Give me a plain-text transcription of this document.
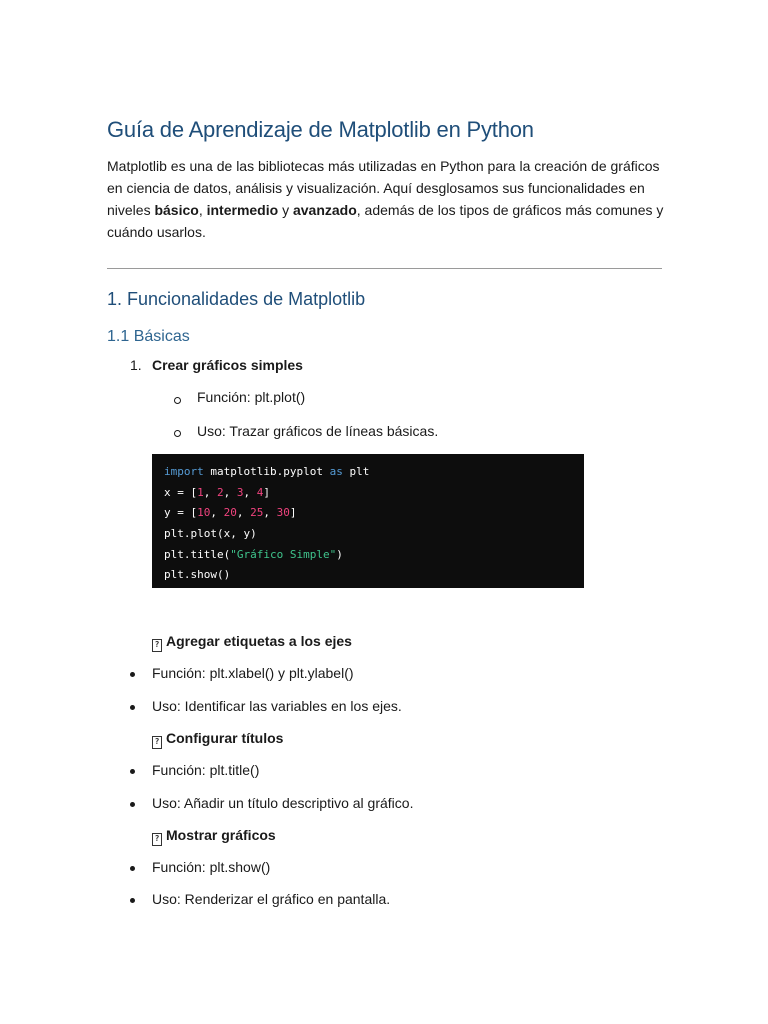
Guía de Aprendizaje de Matplotlib en Python
Matplotlib es una de las bibliotecas más utilizadas en Python para la creación de gráficos en ciencia de datos, análisis y visualización. Aquí desglosamos sus funcionalidades en niveles básico, intermedio y avanzado, además de los tipos de gráficos más comunes y cuándo usarlos.
1. Funcionalidades de Matplotlib
1.1 Básicas
1. Crear gráficos simples
Función: plt.plot()
Uso: Trazar gráficos de líneas básicas.
import matplotlib.pyplot as plt
x = [1, 2, 3, 4]
y = [10, 20, 25, 30]
plt.plot(x, y)
plt.title("Gráfico Simple")
plt.show()
? Agregar etiquetas a los ejes
Función: plt.xlabel() y plt.ylabel()
Uso: Identificar las variables en los ejes.
? Configurar títulos
Función: plt.title()
Uso: Añadir un título descriptivo al gráfico.
? Mostrar gráficos
Función: plt.show()
Uso: Renderizar el gráfico en pantalla.
